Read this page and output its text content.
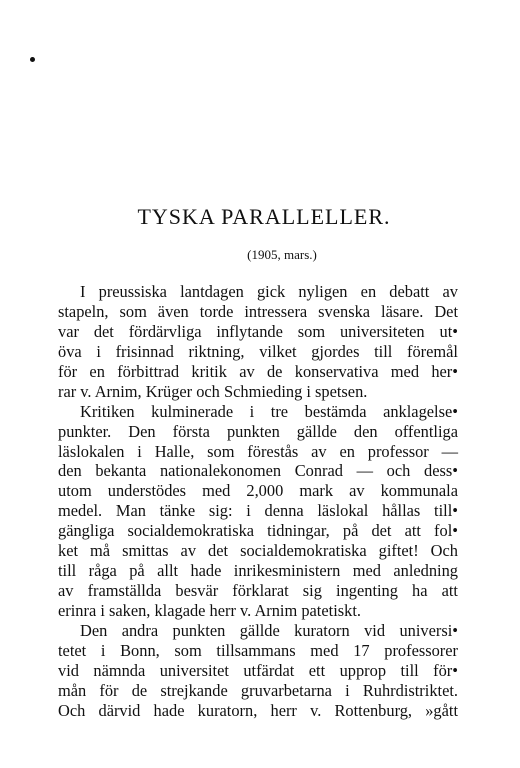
TYSKA PARALLELLER.
(1905, mars.)
I preussiska lantdagen gick nyligen en debatt av
stapeln, som även torde intressera svenska läsare. Det
var det fördärvliga inflytande som universiteten ut•
öva i frisinnad riktning, vilket gjordes till föremål
för en förbittrad kritik av de konservativa med her•
rar v. Arnim, Krüger och Schmieding i spetsen.
Kritiken kulminerade i tre bestämda anklagelse•
punkter. Den första punkten gällde den offentliga
läslokalen i Halle, som förestås av en professor —
den bekanta nationalekonomen Conrad — och dess•
utom understödes med 2,000 mark av kommunala
medel. Man tänke sig: i denna läslokal hållas till•
gängliga socialdemokratiska tidningar, på det att fol•
ket må smittas av det socialdemokratiska giftet! Och
till råga på allt hade inrikesministern med anledning
av framställda besvär förklarat sig ingenting ha att
erinra i saken, klagade herr v. Arnim patetiskt.
Den andra punkten gällde kuratorn vid universi•
tetet i Bonn, som tillsammans med 17 professorer
vid nämnda universitet utfärdat ett upprop till för•
mån för de strejkande gruvarbetarna i Ruhrdistriktet.
Och därvid hade kuratorn, herr v. Rottenburg, »gått
